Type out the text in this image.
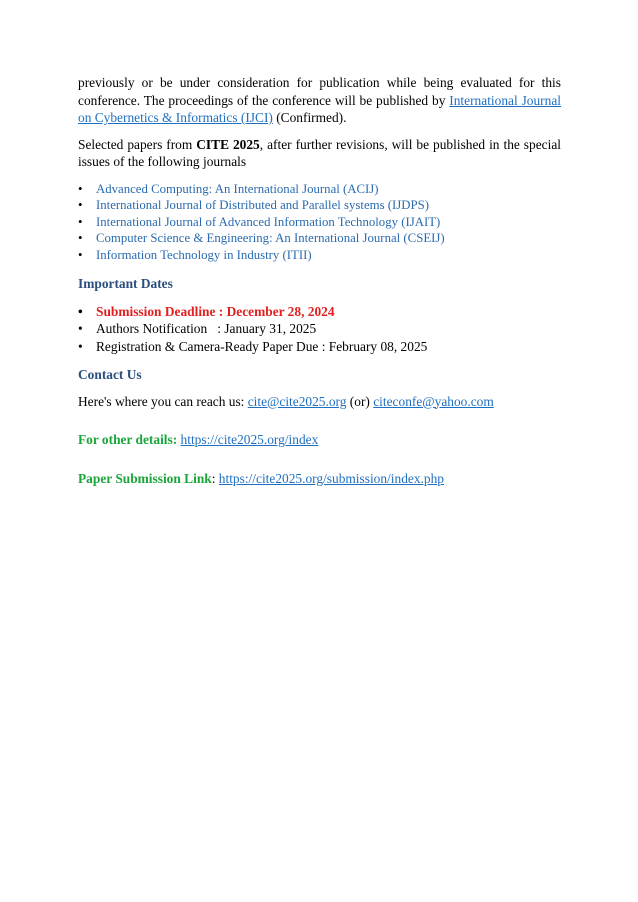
previously or be under consideration for publication while being evaluated for this conference. The proceedings of the conference will be published by International Journal on Cybernetics & Informatics (IJCI) (Confirmed).

Selected papers from CITE 2025, after further revisions, will be published in the special issues of the following journals

• Advanced Computing: An International Journal (ACIJ)
• International Journal of Distributed and Parallel systems (IJDPS)
• International Journal of Advanced Information Technology (IJAIT)
• Computer Science & Engineering: An International Journal (CSEIJ)
• Information Technology in Industry (ITII)

Important Dates

• Submission Deadline : December 28, 2024
• Authors Notification   : January 31, 2025
• Registration & Camera-Ready Paper Due : February 08, 2025

Contact Us

Here's where you can reach us: cite@cite2025.org (or) citeconfe@yahoo.com

For other details: https://cite2025.org/index

Paper Submission Link: https://cite2025.org/submission/index.php
